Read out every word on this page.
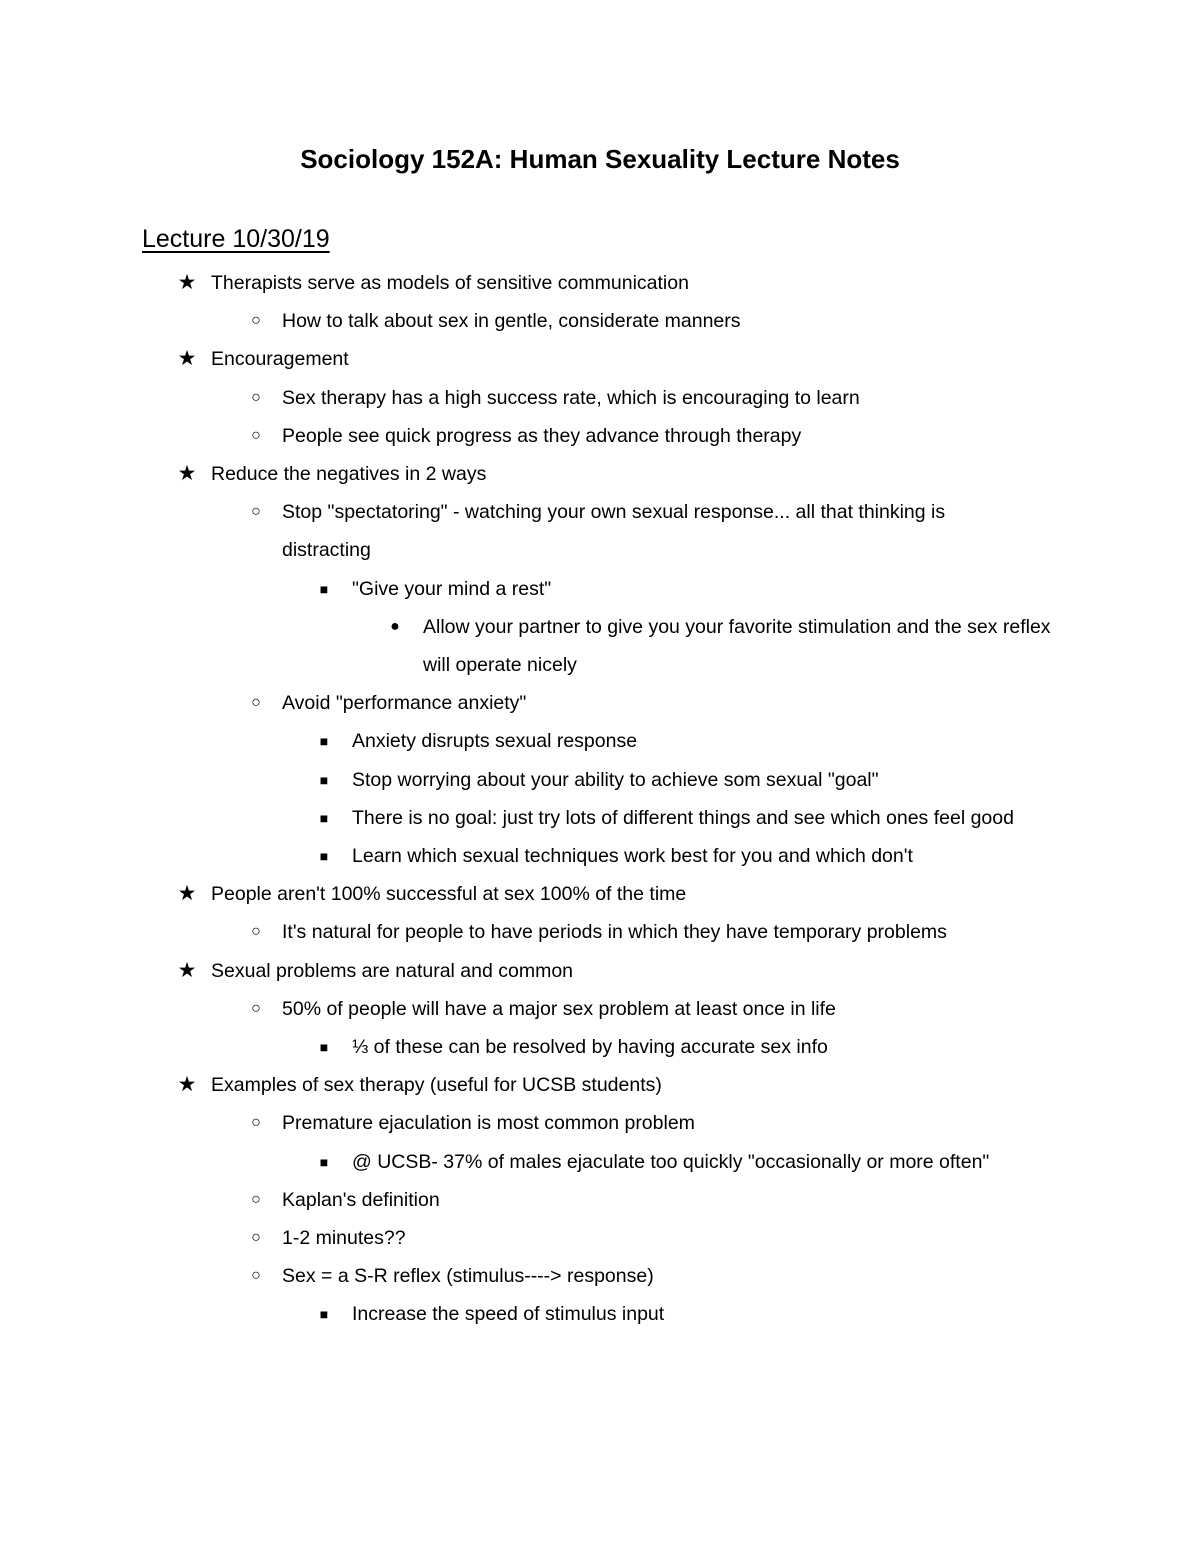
Sociology 152A: Human Sexuality Lecture Notes
Lecture 10/30/19
★ Therapists serve as models of sensitive communication
○	How to talk about sex in gentle, considerate manners
★ Encouragement
○	Sex therapy has a high success rate, which is encouraging to learn
○	People see quick progress as they advance through therapy
★ Reduce the negatives in 2 ways
○	Stop "spectatoring" - watching your own sexual response... all that thinking is distracting
■	"Give your mind a rest"
●	Allow your partner to give you your favorite stimulation and the sex reflex will operate nicely
○	Avoid "performance anxiety"
■	Anxiety disrupts sexual response
■	Stop worrying about your ability to achieve som sexual "goal"
■	There is no goal: just try lots of different things and see which ones feel good
■	Learn which sexual techniques work best for you and which don't
★ People aren't 100% successful at sex 100% of the time
○	It's natural for people to have periods in which they have temporary problems
★ Sexual problems are natural and common
○	50% of people will have a major sex problem at least once in life
■	⅓ of these can be resolved by having accurate sex info
★ Examples of sex therapy (useful for UCSB students)
○	Premature ejaculation is most common problem
■	@ UCSB- 37% of males ejaculate too quickly "occasionally or more often"
○	Kaplan's definition
○	1-2 minutes??
○	Sex = a S-R reflex (stimulus----> response)
■	Increase the speed of stimulus input
